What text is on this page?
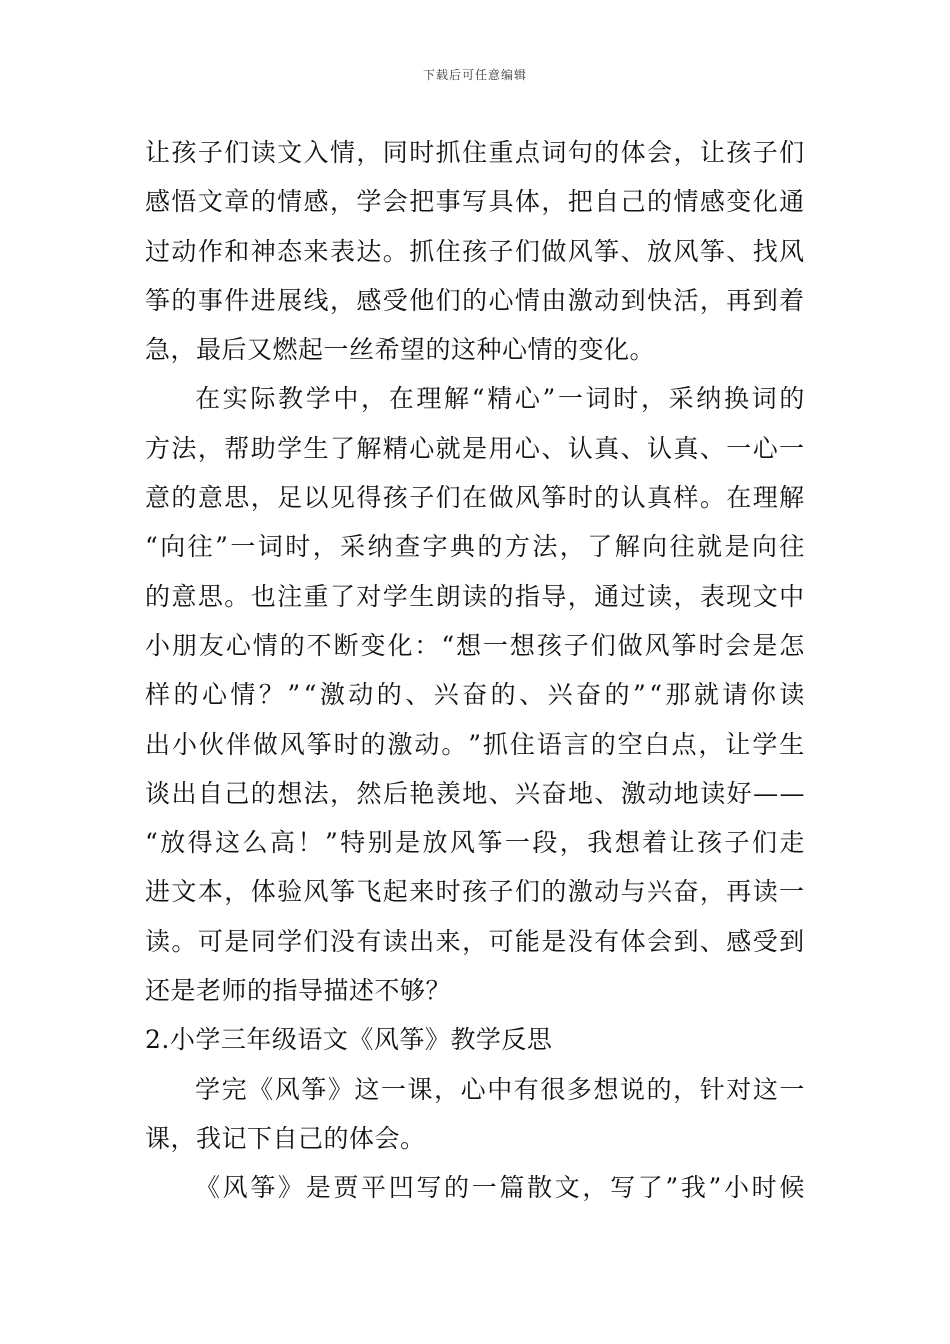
下载后可任意编辑
让 孩 子 们 读 文 入 情 ， 同 时 抓 住 重 点 词 句 的 体 会 ， 让 孩 子 们
感 悟 文 章 的 情 感 ， 学 会 把 事 写 具 体 ， 把 自 己 的 情 感 变 化 通
过 动 作 和 神 态 来 表 达 。 抓 住 孩 子 们 做 风 筝 、 放 风 筝 、 找 风
筝 的 事 件 进 展 线 ， 感 受 他 们 的 心 情 由 激 动 到 快 活 ， 再 到 着
急，最后又燃起一丝希望的这种心情的变化。
在 实 际 教 学 中 ， 在 理 解 “ 精 心 ” 一 词 时 ， 采 纳 换 词 的
方 法 ， 帮 助 学 生 了 解 精 心 就 是 用 心 、 认 真 、 认 真 、 一 心 一
意 的 意 思 ， 足 以 见 得 孩 子 们 在 做 风 筝 时 的 认 真 样 。 在 理 解
“ 向 往 ” 一 词 时 ， 采 纳 查 字 典 的 方 法 ， 了 解 向 往 就 是 向 往
的 意 思 。 也 注 重 了 对 学 生 朗 读 的 指 导 ， 通 过 读 ， 表 现 文 中
小 朋 友 心 情 的 不 断 变 化 ： “ 想 一 想 孩 子 们 做 风 筝 时 会 是 怎
样 的 心 情 ？ ” “ 激 动 的 、 兴 奋 的 、 兴 奋 的 ” “ 那 就 请 你 读
出 小 伙 伴 做 风 筝 时 的 激 动 。 ” 抓 住 语 言 的 空 白 点 ， 让 学 生
谈 出 自 己 的 想 法 ， 然 后 艳 羡 地 、 兴 奋 地 、 激 动 地 读 好 — —
“ 放 得 这 么 高 ！ ” 特 别 是 放 风 筝 一 段 ， 我 想 着 让 孩 子 们 走
进 文 本 ， 体 验 风 筝 飞 起 来 时 孩 子 们 的 激 动 与 兴 奋 ， 再 读 一
读 。 可 是 同 学 们 没 有 读 出 来 ， 可 能 是 没 有 体 会 到 、 感 受 到
还是老师的指导描述不够？
2.小学三年级语文《风筝》教学反思
学 完 《 风 筝 》 这 一 课 ， 心 中 有 很 多 想 说 的 ， 针 对 这 一
课，我记下自己的体会。
《 风 筝 》 是 贾 平 凹 写 的 一 篇 散 文 ， 写 了 ” 我 ” 小 时 候
